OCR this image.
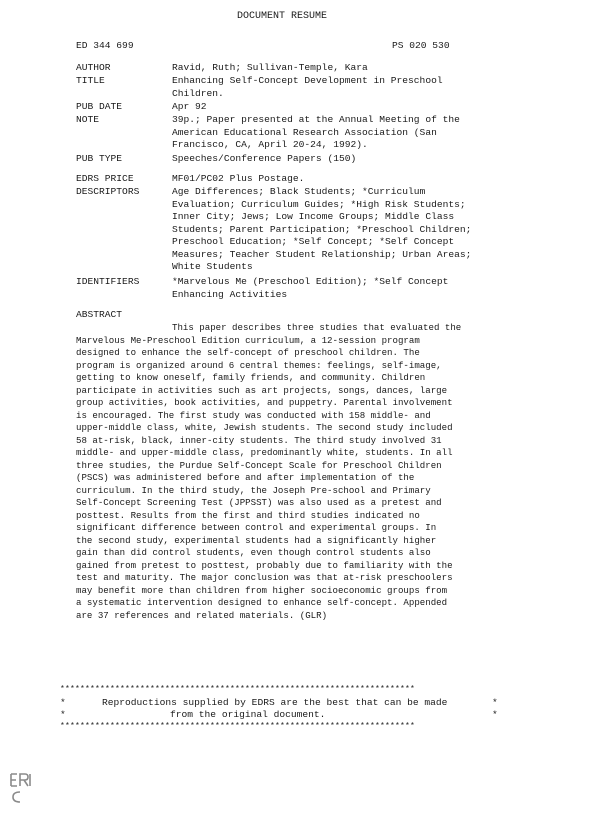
DOCUMENT RESUME
ED 344 699	PS 020 530
AUTHOR	Ravid, Ruth; Sullivan-Temple, Kara
TITLE	Enhancing Self-Concept Development in Preschool
Children.
PUB DATE	Apr 92
NOTE	39p.; Paper presented at the Annual Meeting of the
American Educational Research Association (San
Francisco, CA, April 20-24, 1992).
PUB TYPE	Speeches/Conference Papers (150)
EDRS PRICE	MF01/PC02 Plus Postage.
DESCRIPTORS	Age Differences; Black Students; *Curriculum
Evaluation; Curriculum Guides; *High Risk Students;
Inner City; Jews; Low Income Groups; Middle Class
Students; Parent Participation; *Preschool Children;
Preschool Education; *Self Concept; *Self Concept
Measures; Teacher Student Relationship; Urban Areas;
White Students
IDENTIFIERS	*Marvelous Me (Preschool Edition); *Self Concept
Enhancing Activities
ABSTRACT
This paper describes three studies that evaluated the
Marvelous Me-Preschool Edition curriculum, a 12-session program
designed to enhance the self-concept of preschool children. The
program is organized around 6 central themes: feelings, self-image,
getting to know oneself, family friends, and community. Children
participate in activities such as art projects, songs, dances, large
group activities, book activities, and puppetry. Parental involvement
is encouraged. The first study was conducted with 158 middle- and
upper-middle class, white, Jewish students. The second study included
58 at-risk, black, inner-city students. The third study involved 31
middle- and upper-middle class, predominantly white, students. In all
three studies, the Purdue Self-Concept Scale for Preschool Children
(PSCS) was administered before and after implementation of the
curriculum. In the third study, the Joseph Pre-school and Primary
Self-Concept Screening Test (JPPSST) was also used as a pretest and
posttest. Results from the first and third studies indicated no
significant difference between control and experimental groups. In
the second study, experimental students had a significantly higher
gain than did control students, even though control students also
gained from pretest to posttest, probably due to familiarity with the
test and maturity. The major conclusion was that at-risk preschoolers
may benefit more than children from higher socioeconomic groups from
a systematic intervention designed to enhance self-concept. Appended
are 37 references and related materials. (GLR)
***********************************************************************
*	Reproductions supplied by EDRS are the best that can be made	*
*	from the original document.	*
***********************************************************************
